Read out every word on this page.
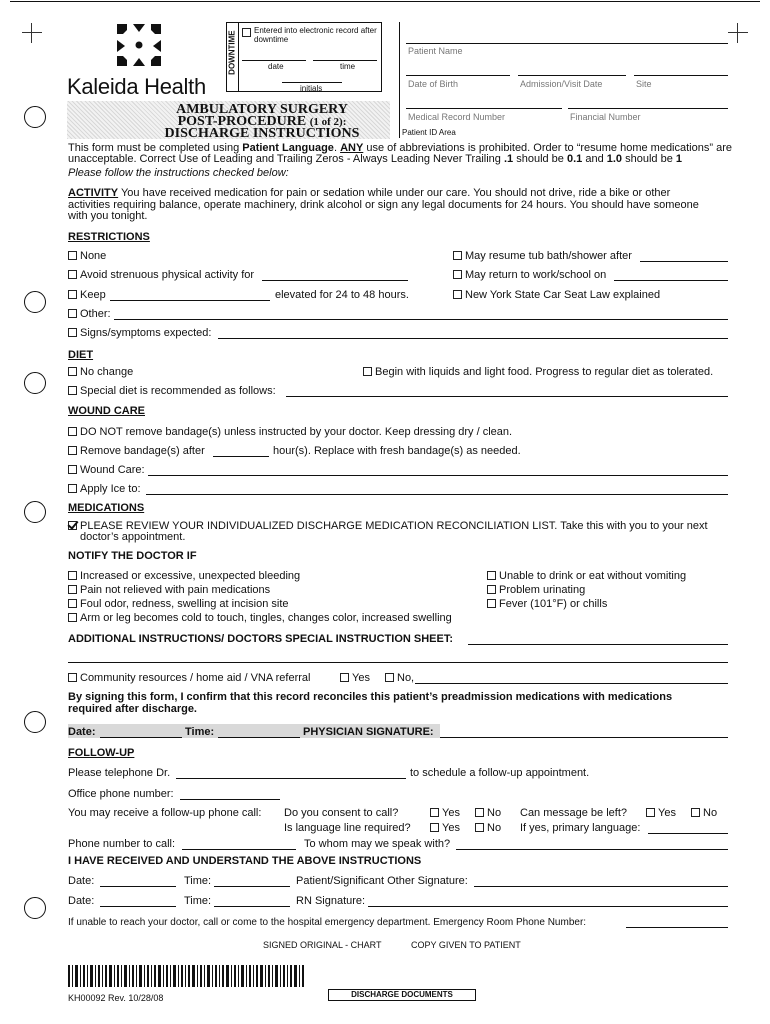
Kaleida Health
DOWNTIME Entered into electronic record after downtime
date	time
initials
AMBULATORY SURGERY
POST-PROCEDURE (1 of 2):
DISCHARGE INSTRUCTIONS
Patient Name
Date of Birth	Admission/Visit Date	Site
Medical Record Number	Financial Number
Patient ID Area
This form must be completed using Patient Language. ANY use of abbreviations is prohibited. Order to “resume home medications” are
unacceptable. Correct Use of Leading and Trailing Zeros - Always Leading Never Trailing .1 should be 0.1 and 1.0 should be 1
Please follow the instructions checked below:
ACTIVITY You have received medication for pain or sedation while under our care. You should not drive, ride a bike or other
activities requiring balance, operate machinery, drink alcohol or sign any legal documents for 24 hours. You should have someone
with you tonight.
RESTRICTIONS
None	May resume tub bath/shower after
Avoid strenuous physical activity for	May return to work/school on
Keep	elevated for 24 to 48 hours.	New York State Car Seat Law explained
Other:
Signs/symptoms expected:
DIET
No change	Begin with liquids and light food. Progress to regular diet as tolerated.
Special diet is recommended as follows:
WOUND CARE
DO NOT remove bandage(s) unless instructed by your doctor. Keep dressing dry / clean.
Remove bandage(s) after	hour(s). Replace with fresh bandage(s) as needed.
Wound Care:
Apply Ice to:
MEDICATIONS
PLEASE REVIEW YOUR INDIVIDUALIZED DISCHARGE MEDICATION RECONCILIATION LIST. Take this with you to your next
doctor’s appointment.
NOTIFY THE DOCTOR IF
Increased or excessive, unexpected bleeding
Pain not relieved with pain medications
Foul odor, redness, swelling at incision site
Arm or leg becomes cold to touch, tingles, changes color, increased swelling
Unable to drink or eat without vomiting
Problem urinating
Fever (101°F) or chills
ADDITIONAL INSTRUCTIONS/ DOCTORS SPECIAL INSTRUCTION SHEET:
Community resources / home aid / VNA referral	Yes	No,
By signing this form, I confirm that this record reconciles this patient’s preadmission medications with medications
required after discharge.
Date:	Time:	PHYSICIAN SIGNATURE:
FOLLOW-UP
Please telephone Dr.	to schedule a follow-up appointment.
Office phone number:
You may receive a follow-up phone call: Do you consent to call?	Yes	No Can message be left?	Yes	No
Is language line required?	Yes	No If yes, primary language:
Phone number to call:	To whom may we speak with?
I HAVE RECEIVED AND UNDERSTAND THE ABOVE INSTRUCTIONS
Date:	Time:	Patient/Significant Other Signature:
Date:	Time:	RN Signature:
If unable to reach your doctor, call or come to the hospital emergency department. Emergency Room Phone Number:
SIGNED ORIGINAL - CHART	COPY GIVEN TO PATIENT
KH00092 Rev. 10/28/08	DISCHARGE DOCUMENTS
